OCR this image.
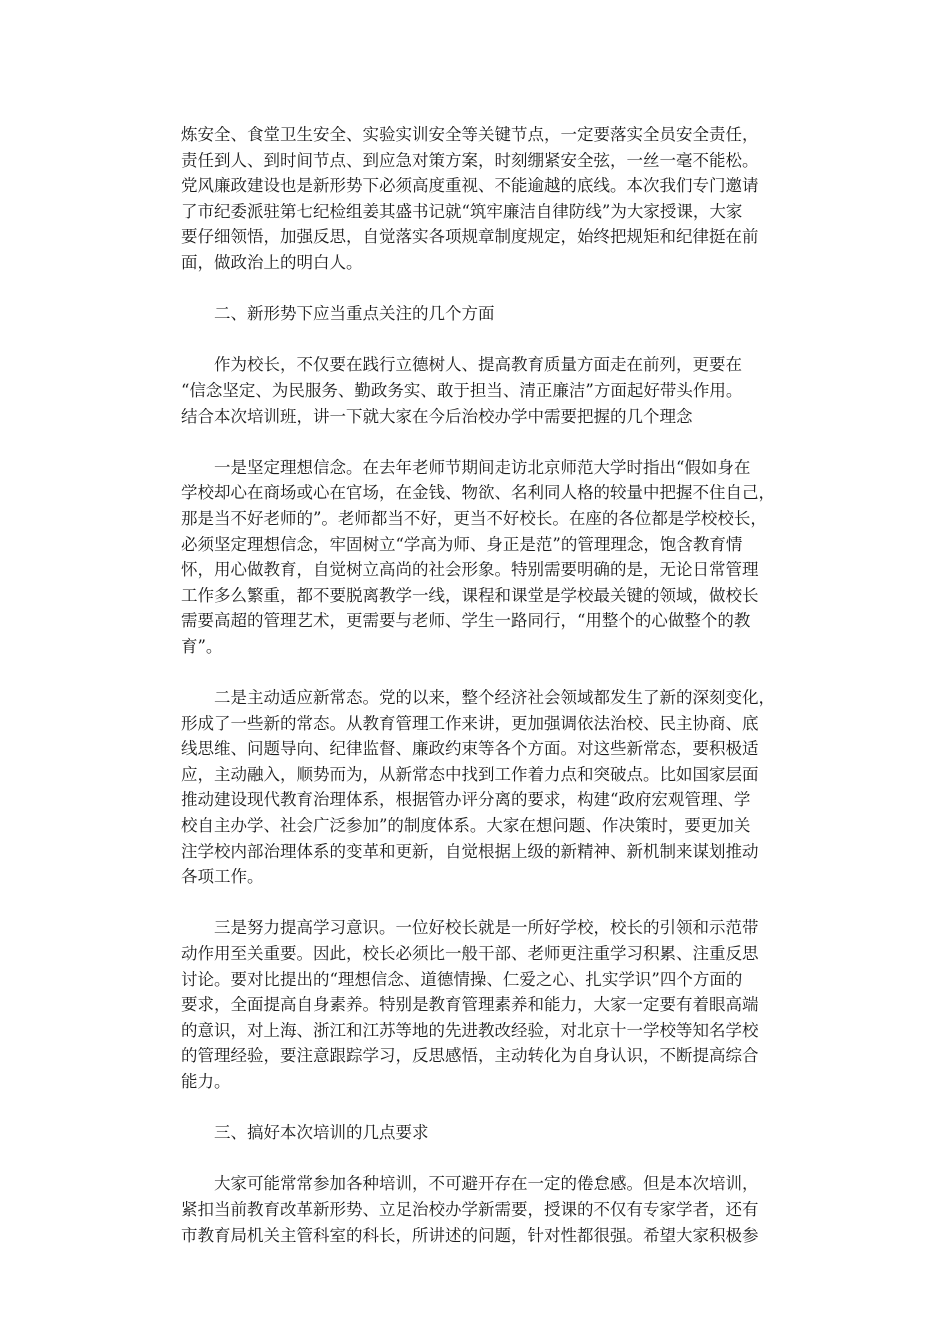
炼安全、食堂卫生安全、实验实训安全等关键节点，一定要落实全员安全责任，
责任到人、到时间节点、到应急对策方案，时刻绷紧安全弦，一丝一毫不能松。
党风廉政建设也是新形势下必须高度重视、不能逾越的底线。本次我们专门邀请
了市纪委派驻第七纪检组姜其盛书记就“筑牢廉洁自律防线”为大家授课，大家
要仔细领悟，加强反思，自觉落实各项规章制度规定，始终把规矩和纪律挺在前
面，做政治上的明白人。
　　二、新形势下应当重点关注的几个方面
　　作为校长，不仅要在践行立德树人、提高教育质量方面走在前列，更要在
“信念坚定、为民服务、勤政务实、敢于担当、清正廉洁”方面起好带头作用。
结合本次培训班，讲一下就大家在今后治校办学中需要把握的几个理念
　　一是坚定理想信念。在去年老师节期间走访北京师范大学时指出“假如身在
学校却心在商场或心在官场，在金钱、物欲、名利同人格的较量中把握不住自己，
那是当不好老师的”。老师都当不好，更当不好校长。在座的各位都是学校校长，
必须坚定理想信念，牢固树立“学高为师、身正是范”的管理理念，饱含教育情
怀，用心做教育，自觉树立高尚的社会形象。特别需要明确的是，无论日常管理
工作多么繁重，都不要脱离教学一线，课程和课堂是学校最关键的领域，做校长
需要高超的管理艺术，更需要与老师、学生一路同行，“用整个的心做整个的教
育”。
　　二是主动适应新常态。党的以来，整个经济社会领域都发生了新的深刻变化，
形成了一些新的常态。从教育管理工作来讲，更加强调依法治校、民主协商、底
线思维、问题导向、纪律监督、廉政约束等各个方面。对这些新常态，要积极适
应，主动融入，顺势而为，从新常态中找到工作着力点和突破点。比如国家层面
推动建设现代教育治理体系，根据管办评分离的要求，构建“政府宏观管理、学
校自主办学、社会广泛参加”的制度体系。大家在想问题、作决策时，要更加关
注学校内部治理体系的变革和更新，自觉根据上级的新精神、新机制来谋划推动
各项工作。
　　三是努力提高学习意识。一位好校长就是一所好学校，校长的引领和示范带
动作用至关重要。因此，校长必须比一般干部、老师更注重学习积累、注重反思
讨论。要对比提出的“理想信念、道德情操、仁爱之心、扎实学识”四个方面的
要求，全面提高自身素养。特别是教育管理素养和能力，大家一定要有着眼高端
的意识，对上海、浙江和江苏等地的先进教改经验，对北京十一学校等知名学校
的管理经验，要注意跟踪学习，反思感悟，主动转化为自身认识，不断提高综合
能力。
　　三、搞好本次培训的几点要求
　　大家可能常常参加各种培训，不可避开存在一定的倦怠感。但是本次培训，
紧扣当前教育改革新形势、立足治校办学新需要，授课的不仅有专家学者，还有
市教育局机关主管科室的科长，所讲述的问题，针对性都很强。希望大家积极参
